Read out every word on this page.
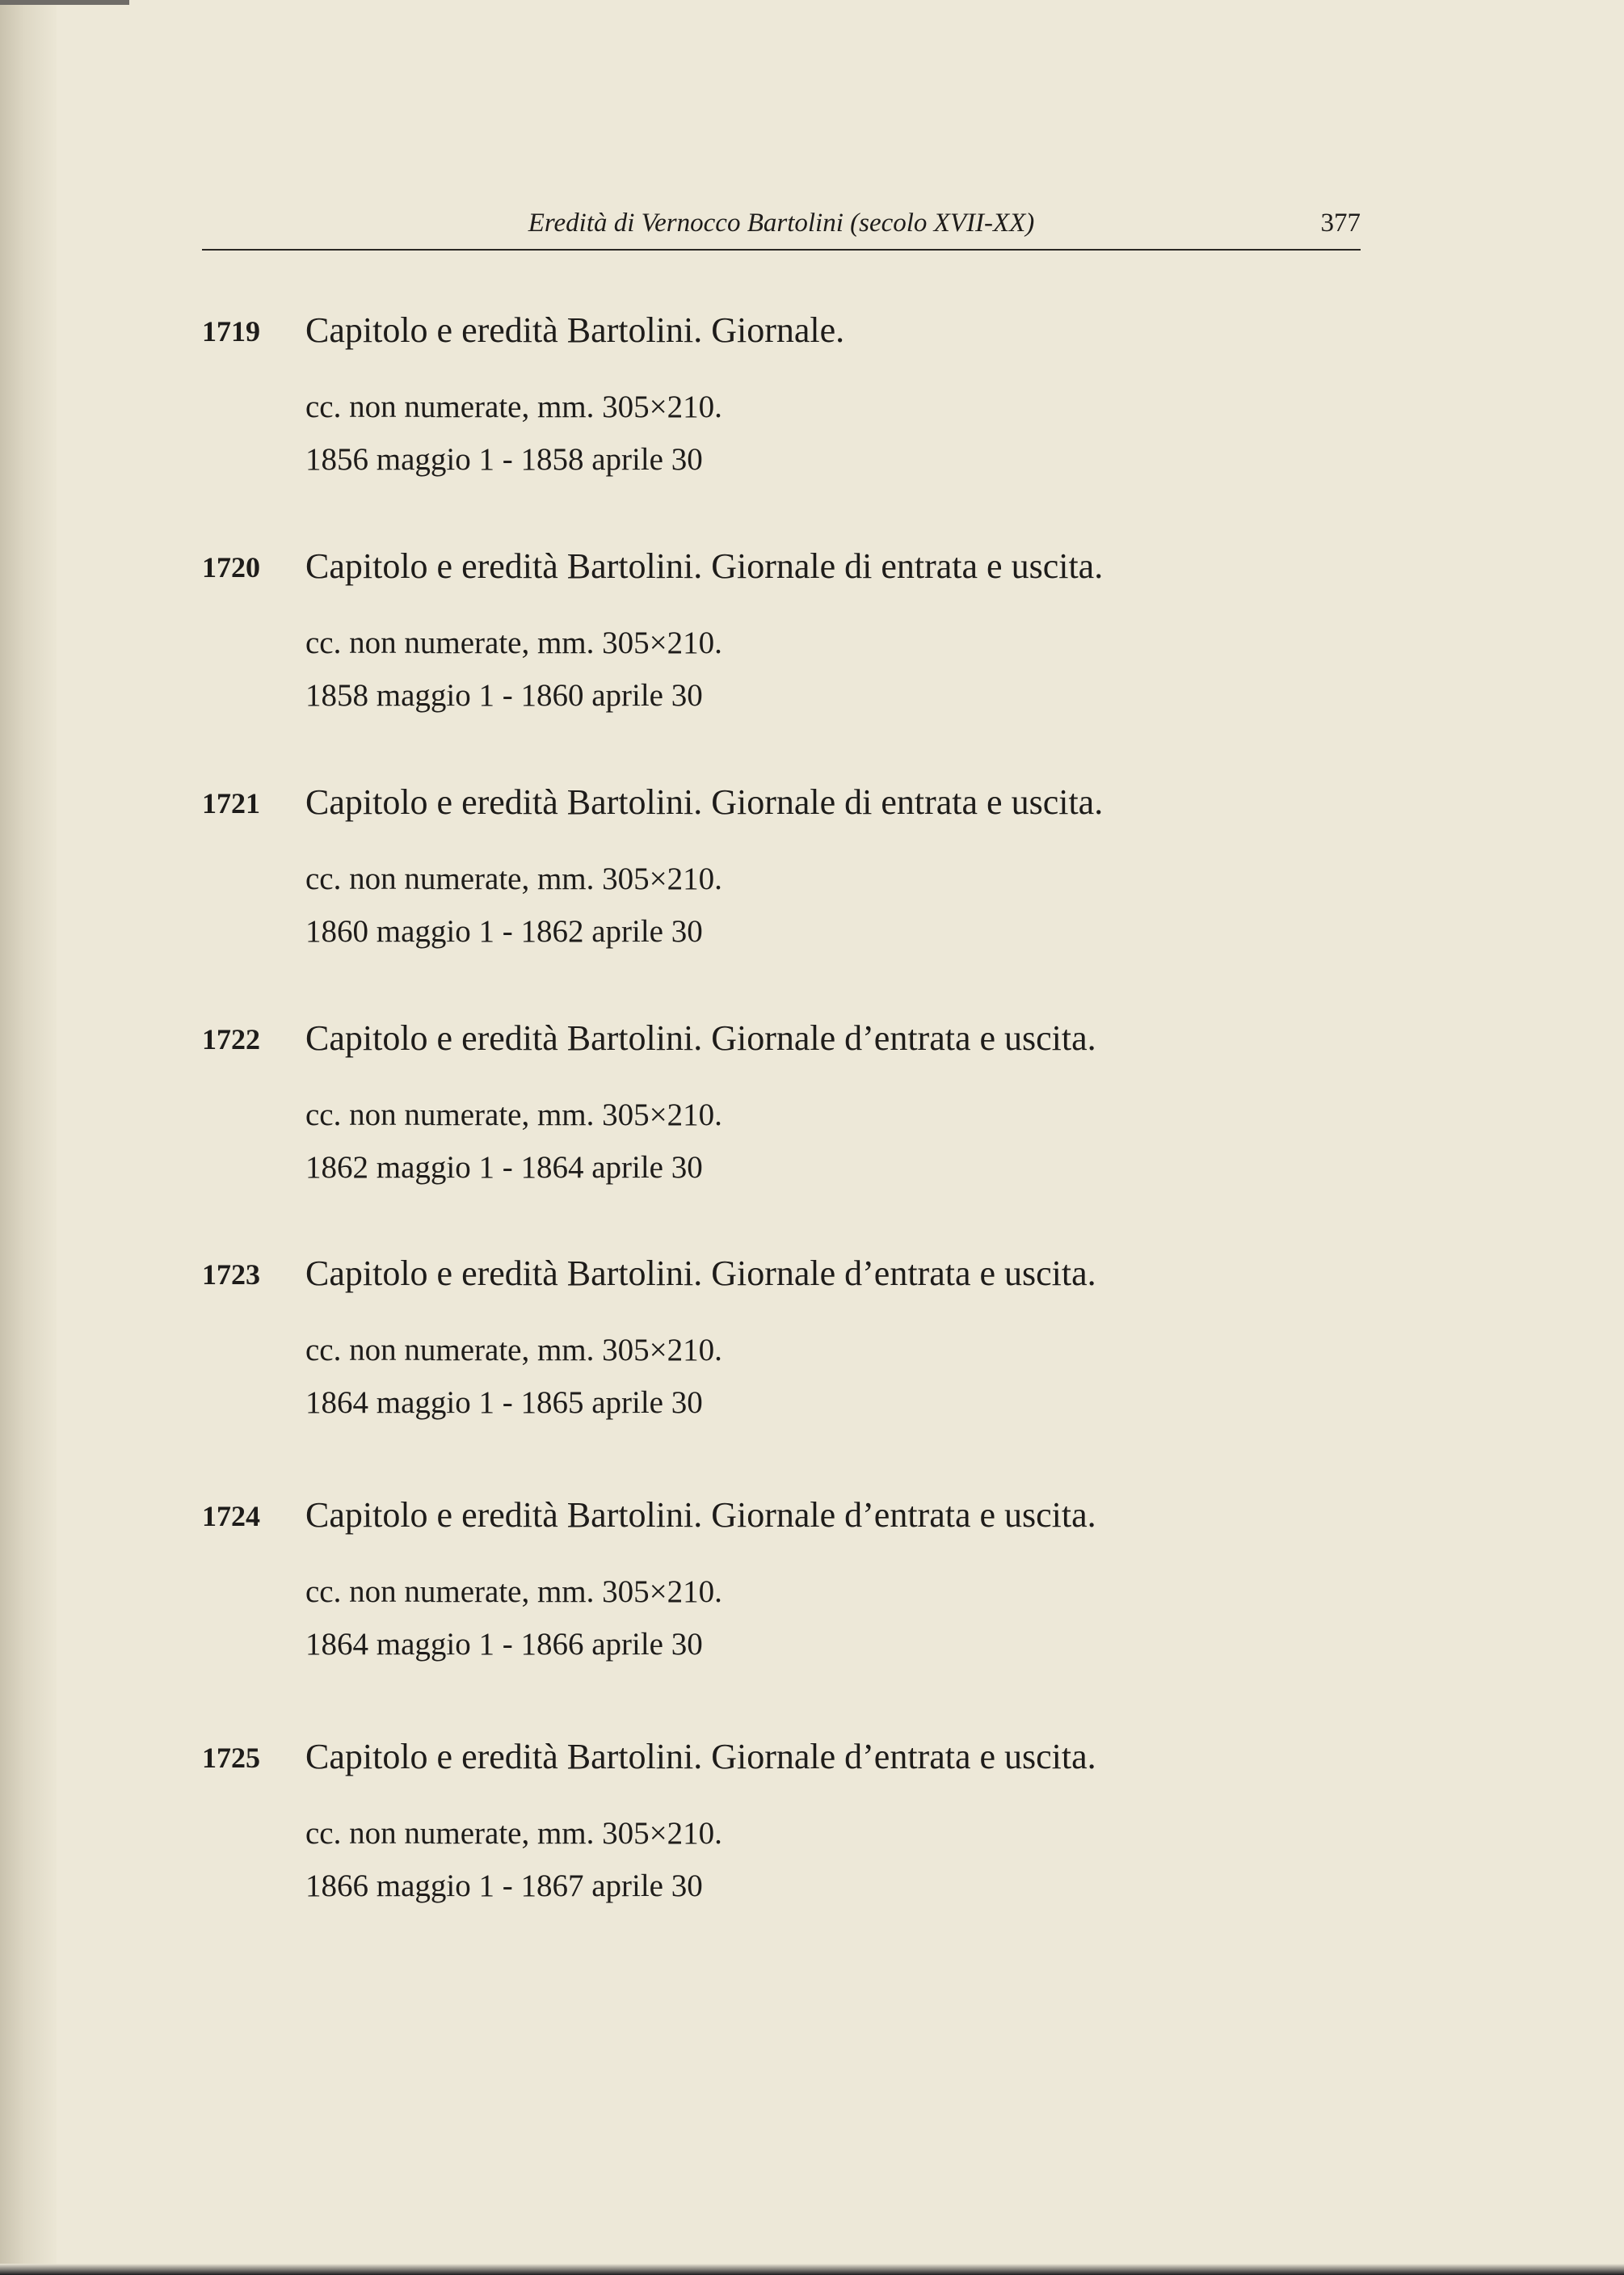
Eredità di Vernocco Bartolini (secolo XVII-XX)	377
1719 Capitolo e eredità Bartolini. Giornale.
cc. non numerate, mm. 305×210.
1856 maggio 1 - 1858 aprile 30
1720 Capitolo e eredità Bartolini. Giornale di entrata e uscita.
cc. non numerate, mm. 305×210.
1858 maggio 1 - 1860 aprile 30
1721 Capitolo e eredità Bartolini. Giornale di entrata e uscita.
cc. non numerate, mm. 305×210.
1860 maggio 1 - 1862 aprile 30
1722 Capitolo e eredità Bartolini. Giornale d’entrata e uscita.
cc. non numerate, mm. 305×210.
1862 maggio 1 - 1864 aprile 30
1723 Capitolo e eredità Bartolini. Giornale d’entrata e uscita.
cc. non numerate, mm. 305×210.
1864 maggio 1 - 1865 aprile 30
1724 Capitolo e eredità Bartolini. Giornale d’entrata e uscita.
cc. non numerate, mm. 305×210.
1864 maggio 1 - 1866 aprile 30
1725 Capitolo e eredità Bartolini. Giornale d’entrata e uscita.
cc. non numerate, mm. 305×210.
1866 maggio 1 - 1867 aprile 30
